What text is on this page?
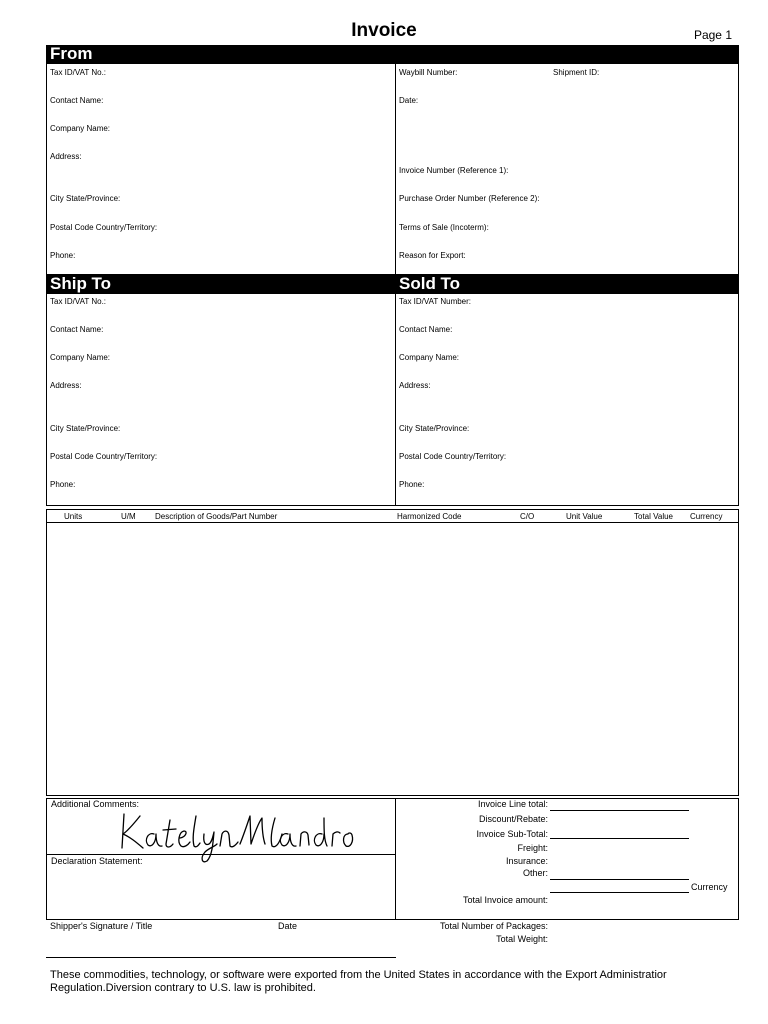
Invoice	Page 1
From
Tax ID/VAT No.:
Contact Name:
Company Name:
Address:
City State/Province:
Postal Code Country/Territory:
Phone:
Waybill Number:	Shipment ID:
Date:
Invoice Number (Reference 1):
Purchase Order Number (Reference 2):
Terms of Sale (Incoterm):
Reason for Export:
Ship To	Sold To
Tax ID/VAT No.:
Contact Name:
Company Name:
Address:
City State/Province:
Postal Code Country/Territory:
Phone:
Tax ID/VAT Number:
Contact Name:
Company Name:
Address:
City State/Province:
Postal Code Country/Territory:
Phone:
Units	U/M Description of Goods/Part Number	Harmonized Code	C/O	Unit Value	Total Value Currency
Additional Comments:
Declaration Statement:
Invoice Line total:
Discount/Rebate:
Invoice Sub-Total:
Freight:
Insurance:
Other:
Total Invoice amount:
Currency
Shipper's Signature / Title	Date	Total Number of Packages:
Total Weight:
These commodities, technology, or software were exported from the United States in accordance with the Export Administratior
Regulation.Diversion contrary to U.S. law is prohibited.
